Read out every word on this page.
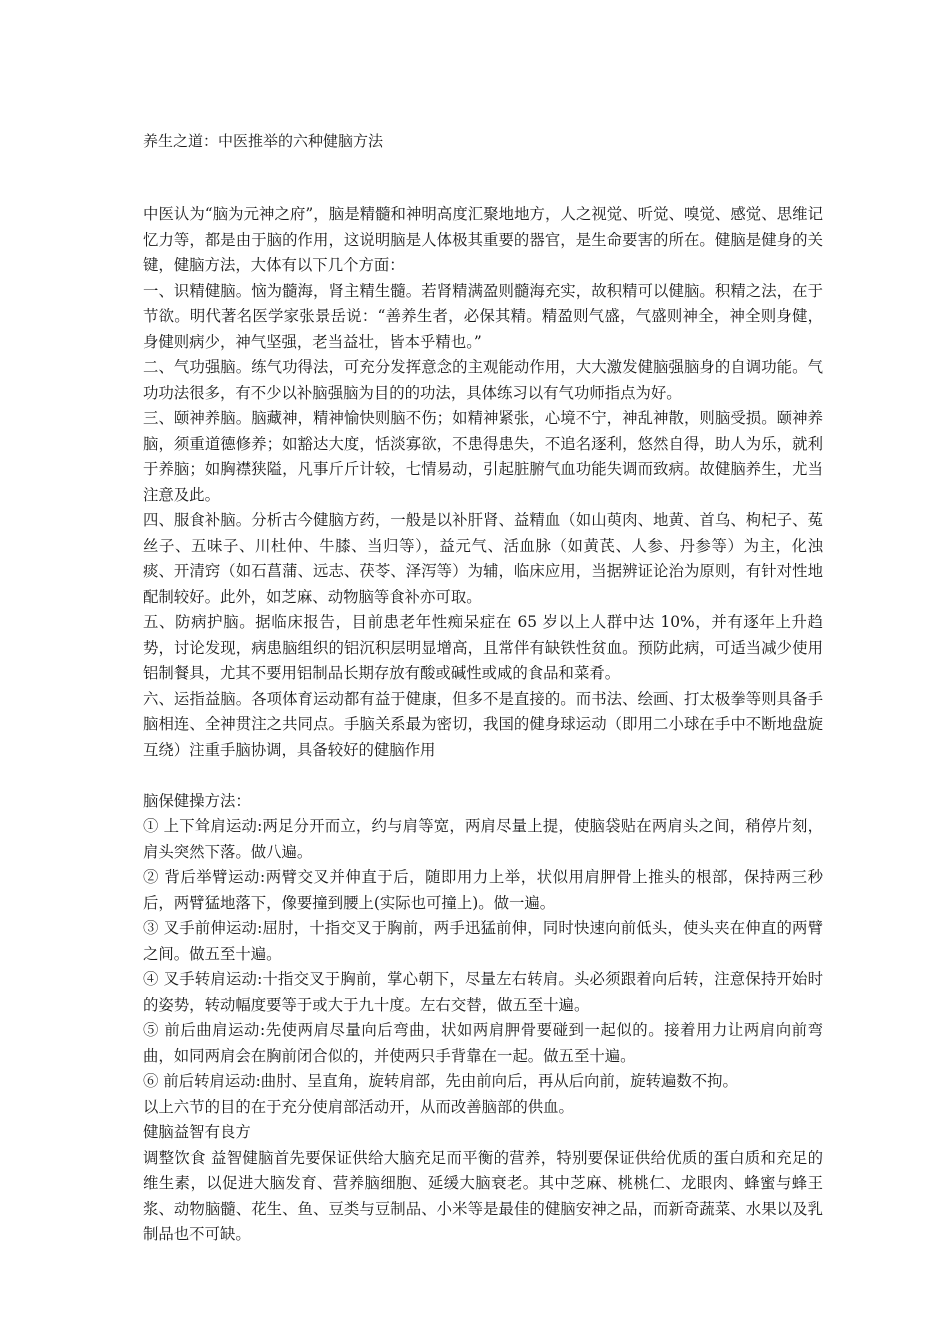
养生之道：中医推举的六种健脑方法

中医认为“脑为元神之府”，脑是精髓和神明高度汇聚地地方，人之视觉、听觉、嗅觉、感觉、思维记忆力等，都是由于脑的作用，这说明脑是人体极其重要的器官，是生命要害的所在。健脑是健身的关键，健脑方法，大体有以下几个方面：

一、识精健脑。恼为髓海，肾主精生髓。若肾精满盈则髓海充实，故积精可以健脑。积精之法，在于节欲。明代著名医学家张景岳说：“善养生者，必保其精。精盈则气盛，气盛则神全，神全则身健，身健则病少，神气坚强，老当益壮，皆本乎精也。”

二、气功强脑。练气功得法，可充分发挥意念的主观能动作用，大大激发健脑强脑身的自调功能。气功功法很多，有不少以补脑强脑为目的的功法，具体练习以有气功师指点为好。

三、颐神养脑。脑藏神，精神愉快则脑不伤；如精神紧张，心境不宁，神乱神散，则脑受损。颐神养脑，须重道德修养；如豁达大度，恬淡寡欲，不患得患失，不追名逐利，悠然自得，助人为乐，就利于养脑；如胸襟狭隘，凡事斤斤计较，七情易动，引起脏腑气血功能失调而致病。故健脑养生，尤当注意及此。

四、服食补脑。分析古今健脑方药，一般是以补肝肾、益精血（如山萸肉、地黄、首乌、枸杞子、菟丝子、五味子、川杜仲、牛膝、当归等），益元气、活血脉（如黄芪、人参、丹参等）为主，化浊痰、开清窍（如石菖蒲、远志、茯苓、泽泻等）为辅，临床应用，当据辨证论治为原则，有针对性地配制较好。此外，如芝麻、动物脑等食补亦可取。

五、防病护脑。据临床报告，目前患老年性痴呆症在 65 岁以上人群中达 10%，并有逐年上升趋势，讨论发现，病患脑组织的铝沉积层明显增高，且常伴有缺铁性贫血。预防此病，可适当减少使用铝制餐具，尤其不要用铝制品长期存放有酸或碱性或咸的食品和菜肴。

六、运指益脑。各项体育运动都有益于健康，但多不是直接的。而书法、绘画、打太极拳等则具备手脑相连、全神贯注之共同点。手脑关系最为密切，我国的健身球运动（即用二小球在手中不断地盘旋互绕）注重手脑协调，具备较好的健脑作用

脑保健操方法：

① 上下耸肩运动:两足分开而立，约与肩等宽，两肩尽量上提，使脑袋贴在两肩头之间，稍停片刻，肩头突然下落。做八遍。

② 背后举臂运动:两臂交叉并伸直于后，随即用力上举，状似用肩胛骨上推头的根部，保持两三秒后，两臂猛地落下，像要撞到腰上(实际也可撞上)。做一遍。

③ 叉手前伸运动:屈肘，十指交叉于胸前，两手迅猛前伸，同时快速向前低头，使头夹在伸直的两臂之间。做五至十遍。

④ 叉手转肩运动:十指交叉于胸前，掌心朝下，尽量左右转肩。头必须跟着向后转，注意保持开始时的姿势，转动幅度要等于或大于九十度。左右交替，做五至十遍。

⑤ 前后曲肩运动:先使两肩尽量向后弯曲，状如两肩胛骨要碰到一起似的。接着用力让两肩向前弯曲，如同两肩会在胸前闭合似的，并使两只手背靠在一起。做五至十遍。

⑥ 前后转肩运动:曲肘、呈直角，旋转肩部，先由前向后，再从后向前，旋转遍数不拘。

以上六节的目的在于充分使肩部活动开，从而改善脑部的供血。

健脑益智有良方

调整饮食 益智健脑首先要保证供给大脑充足而平衡的营养，特别要保证供给优质的蛋白质和充足的维生素，以促进大脑发育、营养脑细胞、延缓大脑衰老。其中芝麻、桃桃仁、龙眼肉、蜂蜜与蜂王浆、动物脑髓、花生、鱼、豆类与豆制品、小米等是最佳的健脑安神之品，而新奇蔬菜、水果以及乳制品也不可缺。
